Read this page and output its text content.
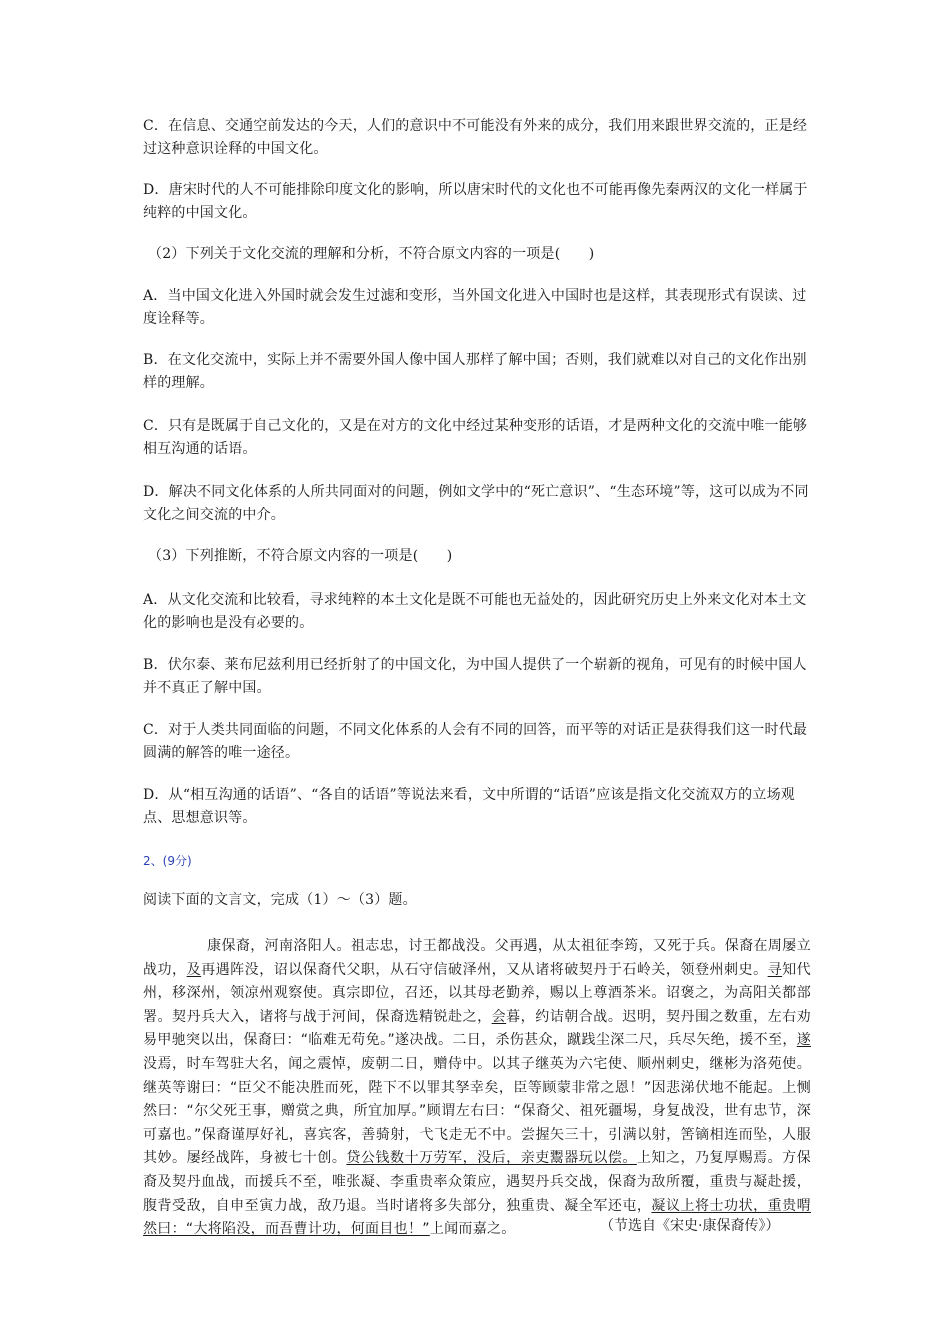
C．在信息、交通空前发达的今天，人们的意识中不可能没有外来的成分，我们用来跟世界交流的，正是经过这种意识诠释的中国文化。

D．唐宋时代的人不可能排除印度文化的影响，所以唐宋时代的文化也不可能再像先秦两汉的文化一样属于纯粹的中国文化。

（2）下列关于文化交流的理解和分析，不符合原文内容的一项是(　　)

A．当中国文化进入外国时就会发生过滤和变形，当外国文化进入中国时也是这样，其表现形式有误读、过度诠释等。

B．在文化交流中，实际上并不需要外国人像中国人那样了解中国；否则，我们就难以对自己的文化作出别样的理解。

C．只有是既属于自己文化的，又是在对方的文化中经过某种变形的话语，才是两种文化的交流中唯一能够相互沟通的话语。

D．解决不同文化体系的人所共同面对的问题，例如文学中的“死亡意识”、“生态环境”等，这可以成为不同文化之间交流的中介。

（3）下列推断，不符合原文内容的一项是(　　)

A．从文化交流和比较看，寻求纯粹的本土文化是既不可能也无益处的，因此研究历史上外来文化对本土文化的影响也是没有必要的。

B．伏尔泰、莱布尼兹利用已经折射了的中国文化，为中国人提供了一个崭新的视角，可见有的时候中国人并不真正了解中国。

C．对于人类共同面临的问题，不同文化体系的人会有不同的回答，而平等的对话正是获得我们这一时代最圆满的解答的唯一途径。

D．从“相互沟通的话语”、“各自的话语”等说法来看，文中所谓的“话语”应该是指文化交流双方的立场观点、思想意识等。

2、(9分)

阅读下面的文言文，完成（1）～（3）题。

康保裔，河南洛阳人。祖志忠，讨王都战没。父再遇，从太祖征李筠，又死于兵。保裔在周屡立战功，及再遇阵没，诏以保裔代父职，从石守信破泽州，又从诸将破契丹于石岭关，领登州刺史。寻知代州，移深州，领凉州观察使。真宗即位，召还，以其母老勤养，赐以上尊酒茶米。诏褒之，为高阳关都部署。契丹兵大入，诸将与战于河间，保裔选精锐赴之，会暮，约诘朝合战。迟明，契丹围之数重，左右劝易甲驰突以出，保裔曰：“临难无苟免。”遂决战。二日，杀伤甚众，蹴践尘深二尺，兵尽矢绝，援不至，遂没焉，时车驾驻大名，闻之震悼，废朝二日，赠侍中。以其子继英为六宅使、顺州刺史，继彬为洛苑使。继英等谢曰：“臣父不能决胜而死，陛下不以罪其孥幸矣，臣等顾蒙非常之恩！”因悲涕伏地不能起。上恻然曰：“尔父死王事，赠赏之典，所宜加厚。”顾谓左右曰：“保裔父、祖死疆埸，身复战没，世有忠节，深可嘉也。”保裔谨厚好礼，喜宾客，善骑射，弋飞走无不中。尝握矢三十，引满以射，筈镝相连而坠，人服其妙。屡经战阵，身被七十创。贷公钱数十万劳军，没后，亲吏鬻器玩以偿。上知之，乃复厚赐焉。方保裔及契丹血战，而援兵不至，唯张凝、李重贵率众策应，遇契丹兵交战，保裔为敌所覆，重贵与凝赴援，腹背受敌，自申至寅力战，敌乃退。当时诸将多失部分，独重贵、凝全军还屯，凝议上将士功状，重贵喟然曰：“大将陷没，而吾曹计功，何面目也！”上闻而嘉之。	（节选自《宋史·康保裔传》）
